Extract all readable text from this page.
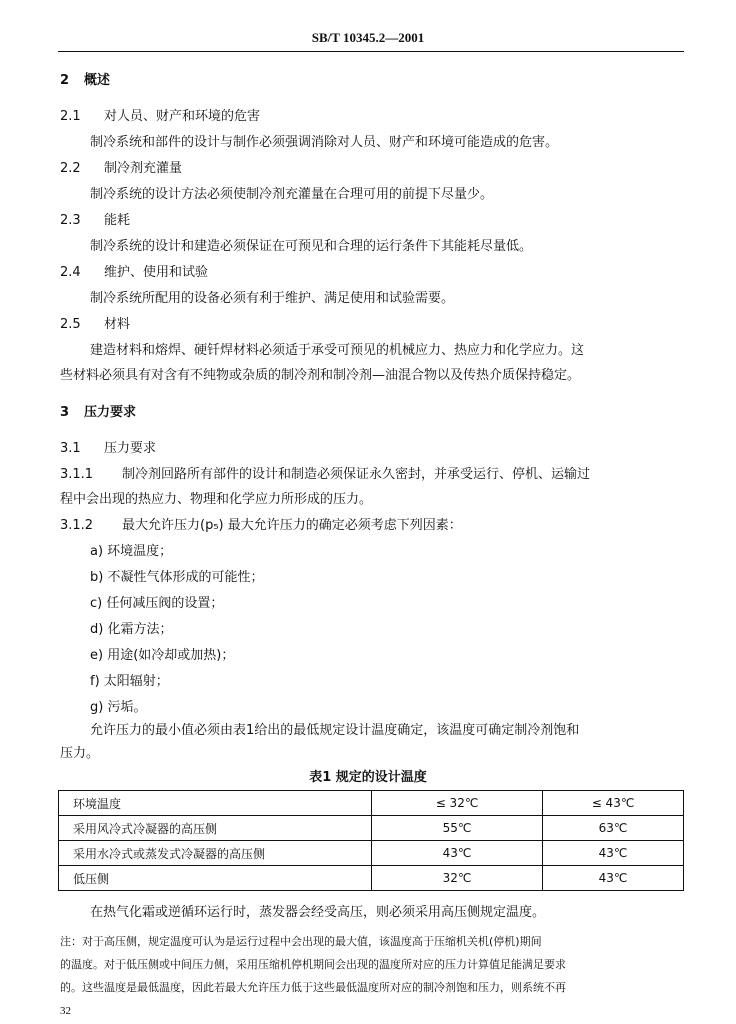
SB/T 10345.2—2001
2 概述
2.1 对人员、财产和环境的危害
制冷系统和部件的设计与制作必须强调消除对人员、财产和环境可能造成的危害。
2.2 制冷剂充灌量
制冷系统的设计方法必须使制冷剂充灌量在合理可用的前提下尽量少。
2.3 能耗
制冷系统的设计和建造必须保证在可预见和合理的运行条件下其能耗尽量低。
2.4 维护、使用和试验
制冷系统所配用的设备必须有利于维护、满足使用和试验需要。
2.5 材料
建造材料和熔焊、硬钎焊材料必须适于承受可预见的机械应力、热应力和化学应力。这
些材料必须具有对含有不纯物或杂质的制冷剂和制冷剂—油混合物以及传热介质保持稳定。
3 压力要求
3.1 压力要求
3.1.1 制冷剂回路所有部件的设计和制造必须保证永久密封，并承受运行、停机、运输过
程中会出现的热应力、物理和化学应力所形成的压力。
3.1.2 最大允许压力(p₅) 最大允许压力的确定必须考虑下列因素：
a) 环境温度；
b) 不凝性气体形成的可能性；
c) 任何减压阀的设置；
d) 化霜方法；
e) 用途(如冷却或加热)；
f) 太阳辐射；
g) 污垢。
允许压力的最小值必须由表1给出的最低规定设计温度确定，该温度可确定制冷剂饱和
压力。
表1 规定的设计温度
环境温度	≤ 32℃	≤ 43℃
采用风冷式冷凝器的高压侧	55℃	63℃
采用水冷式或蒸发式冷凝器的高压侧	43℃	43℃
低压侧	32℃	43℃
在热气化霜或逆循环运行时，蒸发器会经受高压，则必须采用高压侧规定温度。
注：对于高压侧，规定温度可认为是运行过程中会出现的最大值，该温度高于压缩机关机(停机)期间
的温度。对于低压侧或中间压力侧，采用压缩机停机期间会出现的温度所对应的压力计算值足能满足要求
的。这些温度是最低温度，因此若最大允许压力低于这些最低温度所对应的制冷剂饱和压力，则系统不再
32
